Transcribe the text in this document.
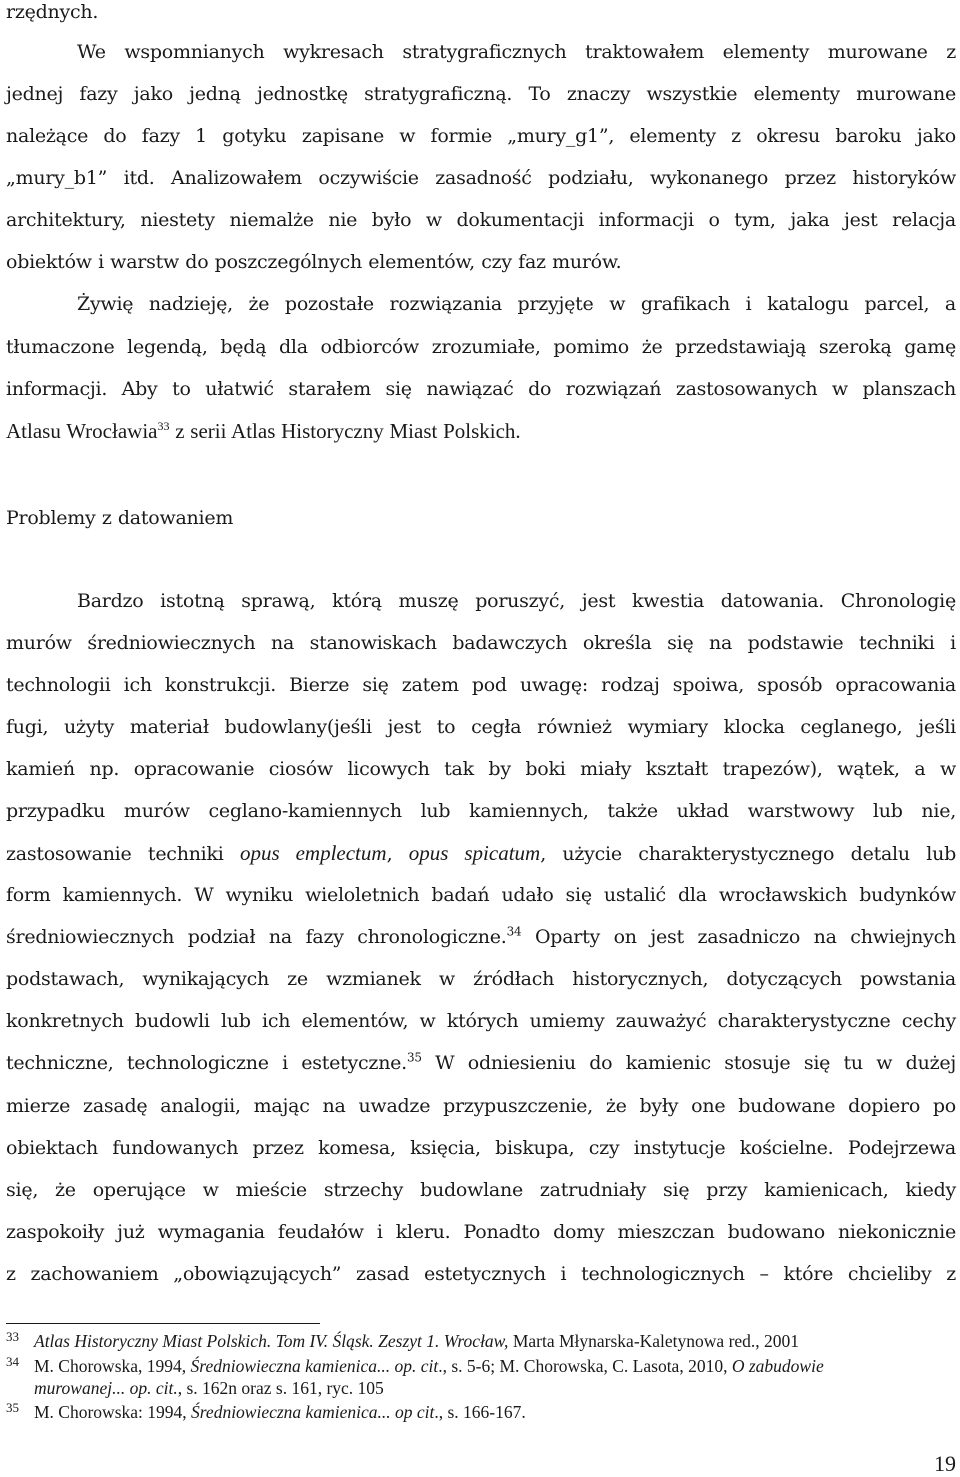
rzędnych.
We wspomnianych wykresach stratygraficznych traktowałem elementy murowane z
jednej fazy jako jedną jednostkę stratygraficzną. To znaczy wszystkie elementy murowane
należące do fazy 1 gotyku zapisane w formie „mury_g1”, elementy z okresu baroku jako
„mury_b1” itd. Analizowałem oczywiście zasadność podziału, wykonanego przez historyków
architektury, niestety niemalże nie było w dokumentacji informacji o tym, jaka jest relacja
obiektów i warstw do poszczególnych elementów, czy faz murów.
Żywię nadzieję, że pozostałe rozwiązania przyjęte w grafikach i katalogu parcel, a
tłumaczone legendą, będą dla odbiorców zrozumiałe, pomimo że przedstawiają szeroką gamę
informacji. Aby to ułatwić starałem się nawiązać do rozwiązań zastosowanych w planszach
Atlasu Wrocławia$^{33}$ z serii Atlas Historyczny Miast Polskich.
Problemy z datowaniem
Bardzo istotną sprawą, którą muszę poruszyć, jest kwestia datowania. Chronologię
murów średniowiecznych na stanowiskach badawczych określa się na podstawie techniki i
technologii ich konstrukcji. Bierze się zatem pod uwagę: rodzaj spoiwa, sposób opracowania
fugi, użyty materiał budowlany(jeśli jest to cegła również wymiary klocka ceglanego, jeśli
kamień np. opracowanie ciosów licowych tak by boki miały kształt trapezów), wątek, a w
przypadku murów ceglano-kamiennych lub kamiennych, także układ warstwowy lub nie,
zastosowanie techniki opus emplectum, opus spicatum, użycie charakterystycznego detalu lub
form kamiennych. W wyniku wieloletnich badań udało się ustalić dla wrocławskich budynków
średniowiecznych podział na fazy chronologiczne.$^{34}$ Oparty on jest zasadniczo na chwiejnych
podstawach, wynikających ze wzmianek w źródłach historycznych, dotyczących powstania
konkretnych budowli lub ich elementów, w których umiemy zauważyć charakterystyczne cechy
techniczne, technologiczne i estetyczne.$^{35}$ W odniesieniu do kamienic stosuje się tu w dużej
mierze zasadę analogii, mając na uwadze przypuszczenie, że były one budowane dopiero po
obiektach fundowanych przez komesa, księcia, biskupa, czy instytucje kościelne. Podejrzewa
się, że operujące w mieście strzechy budowlane zatrudniały się przy kamienicach, kiedy
zaspokoiły już wymagania feudałów i kleru. Ponadto domy mieszczan budowano niekonicznie
z zachowaniem „obowiązujących” zasad estetycznych i technologicznych – które chcieliby z
33 Atlas Historyczny Miast Polskich. Tom IV. Śląsk. Zeszyt 1. Wrocław, Marta Młynarska-Kaletynowa red., 2001
34 M. Chorowska, 1994, Średniowieczna kamienica... op. cit., s. 5-6; M. Chorowska, C. Lasota, 2010, O zabudowie
murowanej... op. cit., s. 162n oraz s. 161, ryc. 105
35 M. Chorowska: 1994, Średniowieczna kamienica... op cit., s. 166-167.
19
